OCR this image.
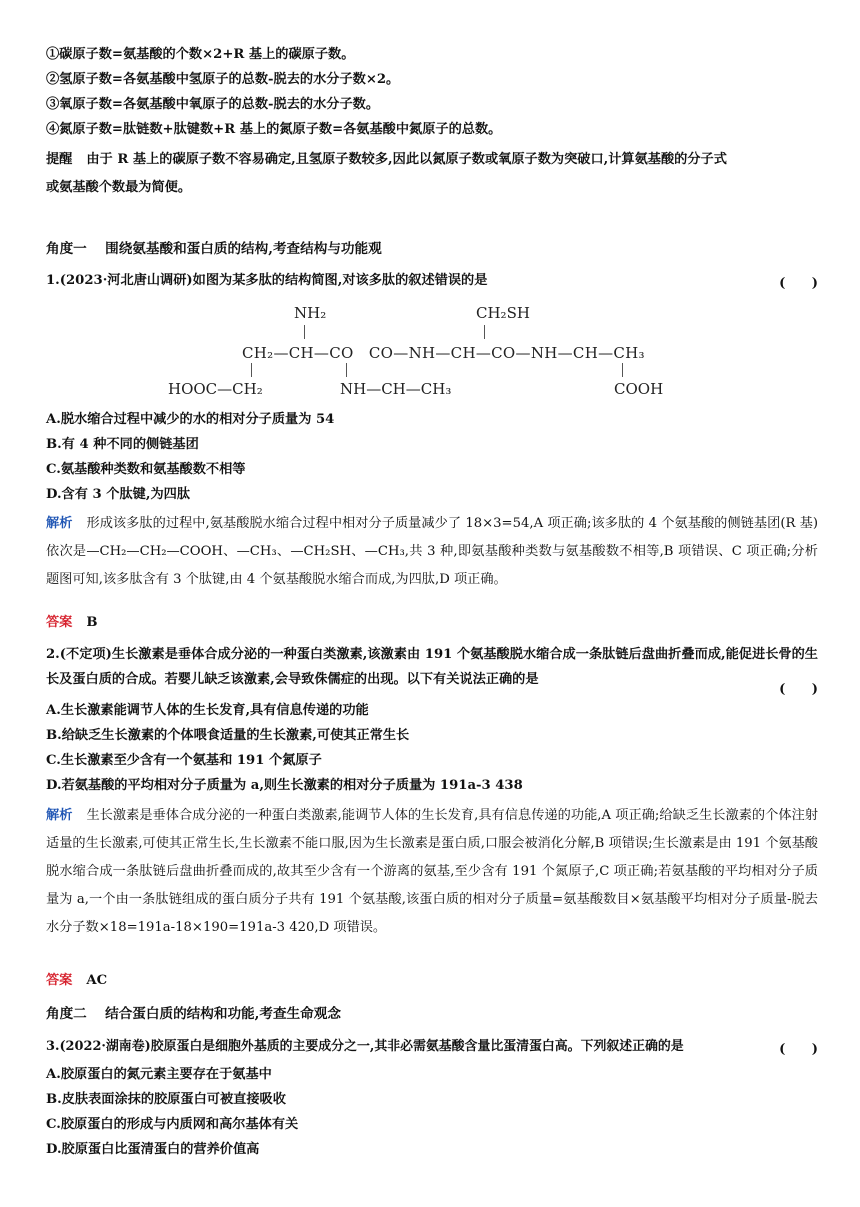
①碳原子数=氨基酸的个数×2+R 基上的碳原子数。
②氢原子数=各氨基酸中氢原子的总数-脱去的水分子数×2。
③氧原子数=各氨基酸中氧原子的总数-脱去的水分子数。
④氮原子数=肽链数+肽键数+R 基上的氮原子数=各氨基酸中氮原子的总数。
提醒 由于 R 基上的碳原子数不容易确定,且氢原子数较多,因此以氮原子数或氧原子数为突破口,计算氨基酸的分子式
或氨基酸个数最为简便。
角度一　 围绕氨基酸和蛋白质的结构,考查结构与功能观
1.(2023·河北唐山调研)如图为某多肽的结构简图,对该多肽的叙述错误的是	(　　)
NH₂	CH₂SH
CH₂—CH—CO　CO—NH—CH—CO—NH—CH—CH₃
HOOC—CH₂	NH—CH—CH₃	COOH
A.脱水缩合过程中减少的水的相对分子质量为 54
B.有 4 种不同的侧链基团
C.氨基酸种类数和氨基酸数不相等
D.含有 3 个肽键,为四肽
解析 形成该多肽的过程中,氨基酸脱水缩合过程中相对分子质量减少了 18×3=54,A 项正确;该多肽的 4 个氨基酸的侧链基团(R 基)依次是—CH₂—CH₂—COOH、—CH₃、—CH₂SH、—CH₃,共 3 种,即氨基酸种类数与氨基酸数不相等,B 项错误、C 项正确;分析题图可知,该多肽含有 3 个肽键,由 4 个氨基酸脱水缩合而成,为四肽,D 项正确。
答案 B
2.(不定项)生长激素是垂体合成分泌的一种蛋白类激素,该激素由 191 个氨基酸脱水缩合成一条肽链后盘曲折叠而成,能促进长骨的生长及蛋白质的合成。若婴儿缺乏该激素,会导致侏儒症的出现。以下有关说法正确的是
(　　)
A.生长激素能调节人体的生长发育,具有信息传递的功能
B.给缺乏生长激素的个体喂食适量的生长激素,可使其正常生长
C.生长激素至少含有一个氨基和 191 个氮原子
D.若氨基酸的平均相对分子质量为 a,则生长激素的相对分子质量为 191a-3 438
解析 生长激素是垂体合成分泌的一种蛋白类激素,能调节人体的生长发育,具有信息传递的功能,A 项正确;给缺乏生长激素的个体注射适量的生长激素,可使其正常生长,生长激素不能口服,因为生长激素是蛋白质,口服会被消化分解,B 项错误;生长激素是由 191 个氨基酸脱水缩合成一条肽链后盘曲折叠而成的,故其至少含有一个游离的氨基,至少含有 191 个氮原子,C 项正确;若氨基酸的平均相对分子质量为 a,一个由一条肽链组成的蛋白质分子共有 191 个氨基酸,该蛋白质的相对分子质量=氨基酸数目×氨基酸平均相对分子质量-脱去水分子数×18=191a-18×190=191a-3 420,D 项错误。
答案 AC
角度二　 结合蛋白质的结构和功能,考查生命观念
3.(2022·湖南卷)胶原蛋白是细胞外基质的主要成分之一,其非必需氨基酸含量比蛋清蛋白高。下列叙述正确的是	(　　)
A.胶原蛋白的氮元素主要存在于氨基中
B.皮肤表面涂抹的胶原蛋白可被直接吸收
C.胶原蛋白的形成与内质网和高尔基体有关
D.胶原蛋白比蛋清蛋白的营养价值高
